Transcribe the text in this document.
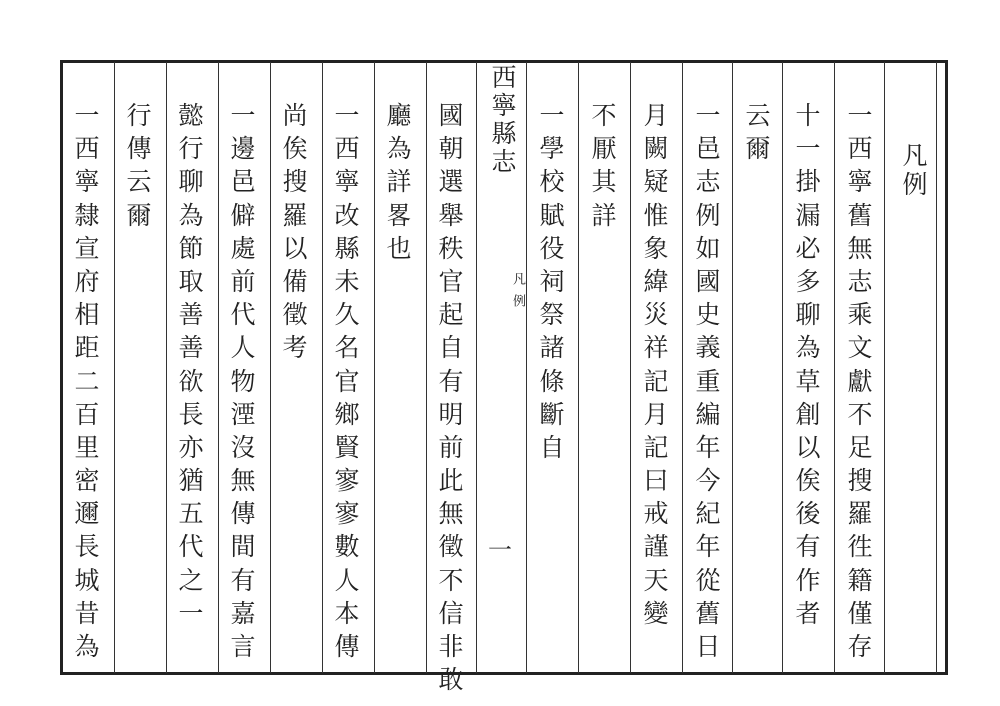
一
西
寧
舊
無
志
乘
文
獻
不
足
搜
羅
徃
籍
僅
存
十
一
掛
漏
必
多
聊
為
草
創
以
俟
後
有
作
者
云
爾
一
邑
志
例
如
國
史
義
重
編
年
今
紀
年
從
舊
日
月
闕
疑
惟
象
緯
災
祥
記
月
記
曰
戒
謹
天
變
不
厭
其
詳
一
學
校
賦
役
祠
祭
諸
條
斷
自
國
朝
選
舉
秩
官
起
自
有
明
前
此
無
徵
不
信
非
敢
廳
為
詳
畧
也
一
西
寧
改
縣
未
久
名
官
鄉
賢
寥
寥
數
人
本
傳
尚
俟
搜
羅
以
備
徵
考
一
邊
邑
僻
處
前
代
人
物
湮
沒
無
傳
間
有
嘉
言
懿
行
聊
為
節
取
善
善
欲
長
亦
猶
五
代
之
一
行
傳
云
爾
一
西
寧
隸
宣
府
相
距
二
百
里
密
邇
長
城
昔
為
西寧縣志
凡例
一
凡例
